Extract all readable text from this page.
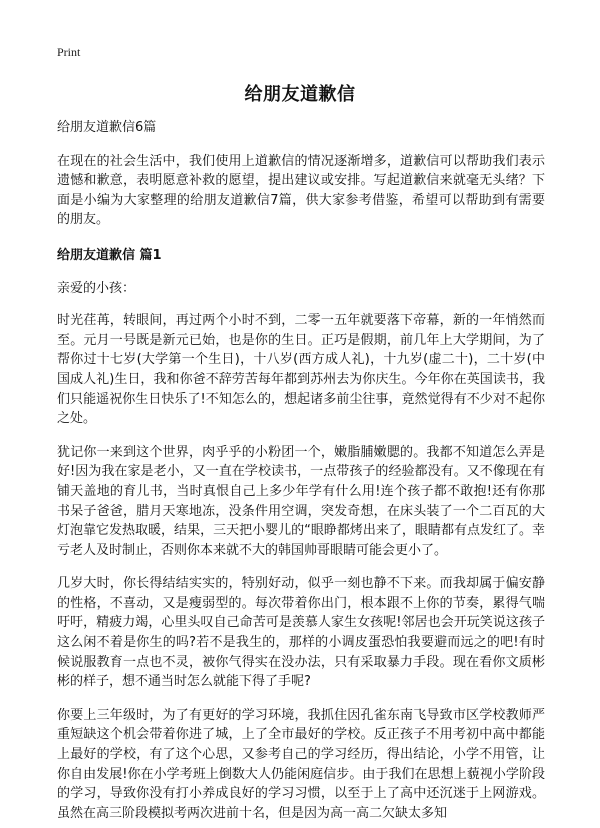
Print
给朋友道歉信

给朋友道歉信6篇

在现在的社会生活中，我们使用上道歉信的情况逐渐增多，道歉信可以帮助我们表示遗憾和歉意，表明愿意补救的愿望，提出建议或安排。写起道歉信来就毫无头绪？下面是小编为大家整理的给朋友道歉信7篇，供大家参考借鉴，希望可以帮助到有需要的朋友。

给朋友道歉信 篇1

亲爱的小孩：

时光荏苒，转眼间，再过两个小时不到，二零一五年就要落下帝幕，新的一年悄然而至。元月一号既是新元已始，也是你的生日。正巧是假期，前几年上大学期间，为了帮你过十七岁(大学第一个生日)，十八岁(西方成人礼)，十九岁(虚二十)，二十岁(中国成人礼)生日，我和你爸不辞劳苦每年都到苏州去为你庆生。今年你在英国读书，我们只能遥祝你生日快乐了!不知怎么的，想起诸多前尘往事，竟然觉得有不少对不起你之处。

犹记你一来到这个世界，肉乎乎的小粉团一个，嫩脂脯嫩腮的。我都不知道怎么弄是好!因为我在家是老小，又一直在学校读书，一点带孩子的经验都没有。又不像现在有铺天盖地的育儿书，当时真恨自己上多少年学有什么用!连个孩子都不敢抱!还有你那书呆子爸爸，腊月天寒地冻，没条件用空调，突发奇想，在床头装了一个二百瓦的大灯泡靠它发热取暖，结果，三天把小婴儿的“眼睁都烤出来了，眼睛都有点发红了。幸亏老人及时制止，否则你本来就不大的韩国帅哥眼睛可能会更小了。

几岁大时，你长得结结实实的，特别好动，似乎一刻也静不下来。而我却属于偏安静的性格，不喜动，又是瘦弱型的。每次带着你出门，根本跟不上你的节奏，累得气喘吁吁，精疲力竭，心里头叹自己命苦可是羡慕人家生女孩呢!邻居也会开玩笑说这孩子这么闲不着是你生的吗?若不是我生的，那样的小调皮蛋恐怕我要避而远之的吧!有时候说服教育一点也不灵，被你气得实在没办法，只有采取暴力手段。现在看你文质彬彬的样子，想不通当时怎么就能下得了手呢?

你要上三年级时，为了有更好的学习环境，我抓住因孔雀东南飞导致市区学校教师严重短缺这个机会带着你进了城，上了全市最好的学校。反正孩子不用考初中高中都能上最好的学校，有了这个心思，又参考自己的学习经历，得出结论，小学不用管，让你自由发展!你在小学考班上倒数大人仍能闲庭信步。由于我们在思想上藐视小学阶段的学习，导致你没有打小养成良好的学习习惯，以至于上了高中还沉迷于上网游戏。虽然在高三阶段模拟考两次进前十名，但是因为高一高二欠缺太多知
